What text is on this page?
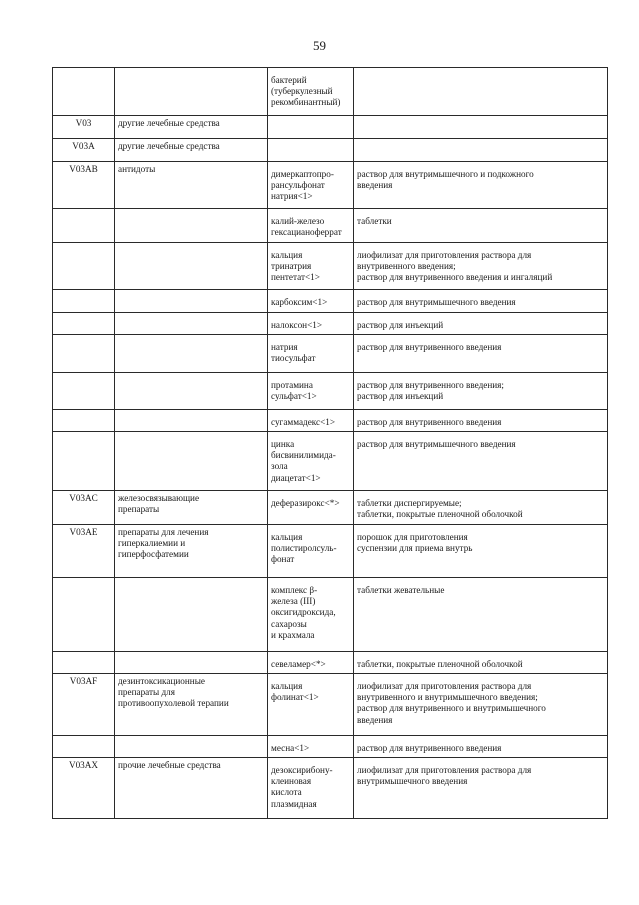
59
		бактерий
(туберкулезный
рекомбинантный)	
V03	другие лечебные средства		
V03A	другие лечебные средства		
V03AB	антидоты	димеркаптопро-
pансульфонат
натрия<1>	раствор для внутримышечного и подкожного
введения
		калий-железо
гексацианоферрат	таблетки
		кальция
тринатрия
пентетат<1>	лиофилизат для приготовления раствора для
внутривенного введения;
раствор для внутривенного введения и ингаляций
		карбоксим<1>	раствор для внутримышечного введения
		налоксон<1>	раствор для инъекций
		натрия
тиосульфат	раствор для внутривенного введения
		протамина
сульфат<1>	раствор для внутривенного введения;
раствор для инъекций
		сугаммадекс<1>	раствор для внутривенного введения
		цинка
бисвинилимида-
зола
диацетат<1>	раствор для внутримышечного введения
V03AC	железосвязывающие
препараты	деферазирокс<*>	таблетки диспергируемые;
таблетки, покрытые пленочной оболочкой
V03AE	препараты для лечения
гиперкалиемии и
гиперфосфатемии	кальция
полистиролсуль-
фонат	порошок для приготовления
суспензии для приема внутрь
		комплекс β-
железа (III)
оксигидроксида,
сахарозы
и крахмала	таблетки жевательные
		севеламер<*>	таблетки, покрытые пленочной оболочкой
V03AF	дезинтоксикационные
препараты для
противоопухолевой терапии	кальция
фолинат<1>	лиофилизат для приготовления раствора для
внутривенного и внутримышечного введения;
раствор для внутривенного и внутримышечного
введения
		месна<1>	раствор для внутривенного введения
V03AX	прочие лечебные средства	дезоксирибону-
клеиновая
кислота
плазмидная	лиофилизат для приготовления раствора для
внутримышечного введения
